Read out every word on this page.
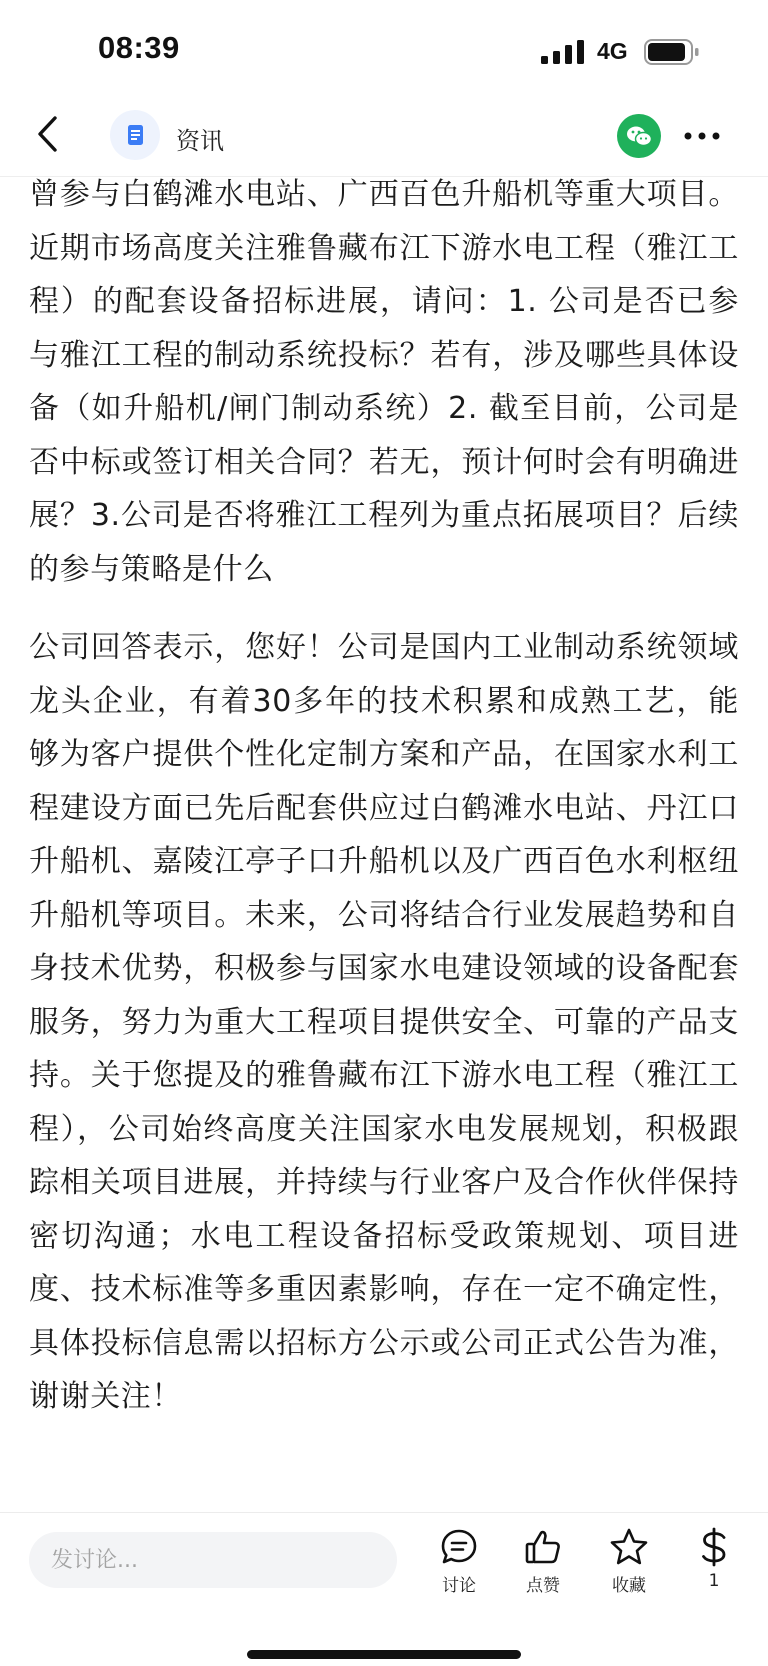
08:39	4G
资讯

曾参与白鹤滩水电站、广西百色升船机等重大项目。近期市场高度关注雅鲁藏布江下游水电工程（雅江工程）的配套设备招标进展，请问：1. 公司是否已参与雅江工程的制动系统投标？若有，涉及哪些具体设备（如升船机/闸门制动系统）2. 截至目前，公司是否中标或签订相关合同？若无，预计何时会有明确进展？3.公司是否将雅江工程列为重点拓展项目？后续的参与策略是什么

公司回答表示，您好！公司是国内工业制动系统领域龙头企业，有着30多年的技术积累和成熟工艺，能够为客户提供个性化定制方案和产品，在国家水利工程建设方面已先后配套供应过白鹤滩水电站、丹江口升船机、嘉陵江亭子口升船机以及广西百色水利枢纽升船机等项目。未来，公司将结合行业发展趋势和自身技术优势，积极参与国家水电建设领域的设备配套服务，努力为重大工程项目提供安全、可靠的产品支持。关于您提及的雅鲁藏布江下游水电工程（雅江工程），公司始终高度关注国家水电发展规划，积极跟踪相关项目进展，并持续与行业客户及合作伙伴保持密切沟通；水电工程设备招标受政策规划、项目进度、技术标准等多重因素影响，存在一定不确定性，具体投标信息需以招标方公示或公司正式公告为准，谢谢关注！

发讨论...
讨论	点赞	收藏	1
